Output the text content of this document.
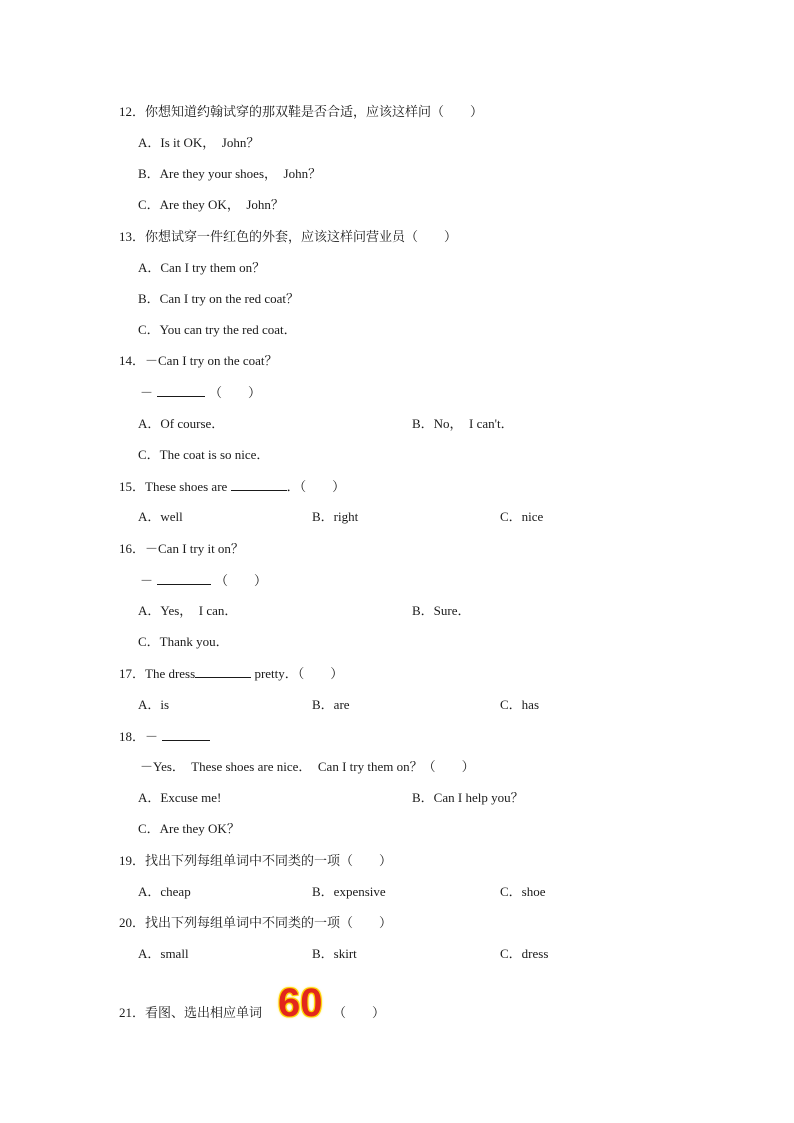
12．你想知道约翰试穿的那双鞋是否合适，应该这样问（　　）
A．Is it OK，  John？
B．Are they your shoes，  John？
C．Are they OK，  John？
13．你想试穿一件红色的外套，应该这样问营业员（　　）
A．Can I try them on？
B．Can I try on the red coat？
C．You can try the red coat．
14．－Can I try on the coat？
－	（　　）
A．Of course．	B．No，  I can't．
C．The coat is so nice．
15．These shoes are	．（　　）
A．well	B．right	C．nice
16．－Can I try it on？
－	（　　）
A．Yes，  I can．	B．Sure．
C．Thank you．
17．The dress	pretty．（　　）
A．is	B．are	C．has
18．－
－Yes．  These shoes are nice．  Can I try them on？（　　）
A．Excuse me!	B．Can I help you？
C．Are they OK？
19．找出下列每组单词中不同类的一项（　　）
A．cheap	B．expensive	C．shoe
20．找出下列每组单词中不同类的一项（　　）
A．small	B．skirt	C．dress
21．看图、选出相应单词 60 （　　）
